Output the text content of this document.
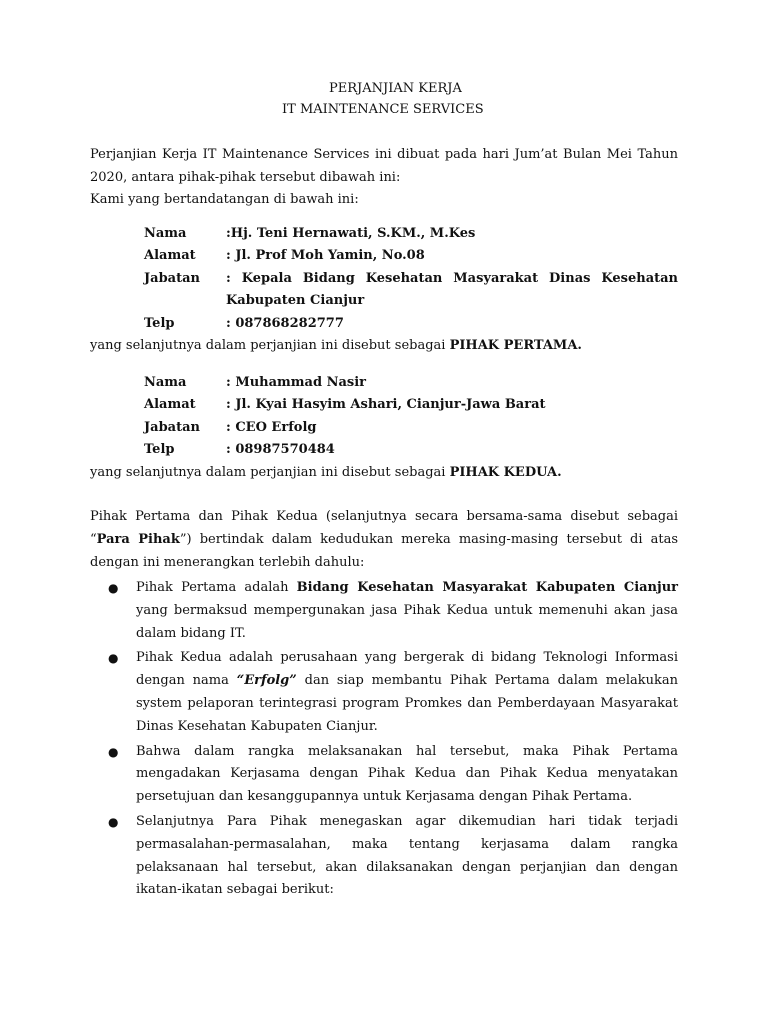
PERJANJIAN KERJA
IT MAINTENANCE SERVICES

Perjanjian Kerja IT Maintenance Services ini dibuat pada hari Jum’at Bulan Mei Tahun 2020, antara pihak-pihak tersebut dibawah ini:

Kami yang bertandatangan di bawah ini:

Nama	:Hj. Teni Hernawati, S.KM., M.Kes
Alamat	: Jl. Prof Moh Yamin, No.08
Jabatan	: Kepala Bidang Kesehatan Masyarakat Dinas Kesehatan Kabupaten Cianjur
Telp	: 087868282777

yang selanjutnya dalam perjanjian ini disebut sebagai PIHAK PERTAMA.

Nama	: Muhammad Nasir
Alamat	: Jl. Kyai Hasyim Ashari, Cianjur-Jawa Barat
Jabatan	: CEO Erfolg
Telp	: 08987570484

yang selanjutnya dalam perjanjian ini disebut sebagai PIHAK KEDUA.

Pihak Pertama dan Pihak Kedua (selanjutnya secara bersama-sama disebut sebagai “Para Pihak”) bertindak dalam kedudukan mereka masing-masing tersebut di atas dengan ini menerangkan terlebih dahulu:

● Pihak Pertama adalah Bidang Kesehatan Masyarakat Kabupaten Cianjur yang bermaksud mempergunakan jasa Pihak Kedua untuk memenuhi akan jasa dalam bidang IT.

● Pihak Kedua adalah perusahaan yang bergerak di bidang Teknologi Informasi dengan nama “Erfolg” dan siap membantu Pihak Pertama dalam melakukan system pelaporan terintegrasi program Promkes dan Pemberdayaan Masyarakat Dinas Kesehatan Kabupaten Cianjur.

● Bahwa dalam rangka melaksanakan hal tersebut, maka Pihak Pertama mengadakan Kerjasama dengan Pihak Kedua dan Pihak Kedua menyatakan persetujuan dan kesanggupannya untuk Kerjasama dengan Pihak Pertama.

● Selanjutnya Para Pihak menegaskan agar dikemudian hari tidak terjadi permasalahan-permasalahan, maka tentang kerjasama dalam rangka pelaksanaan hal tersebut, akan dilaksanakan dengan perjanjian dan dengan ikatan-ikatan sebagai berikut:
